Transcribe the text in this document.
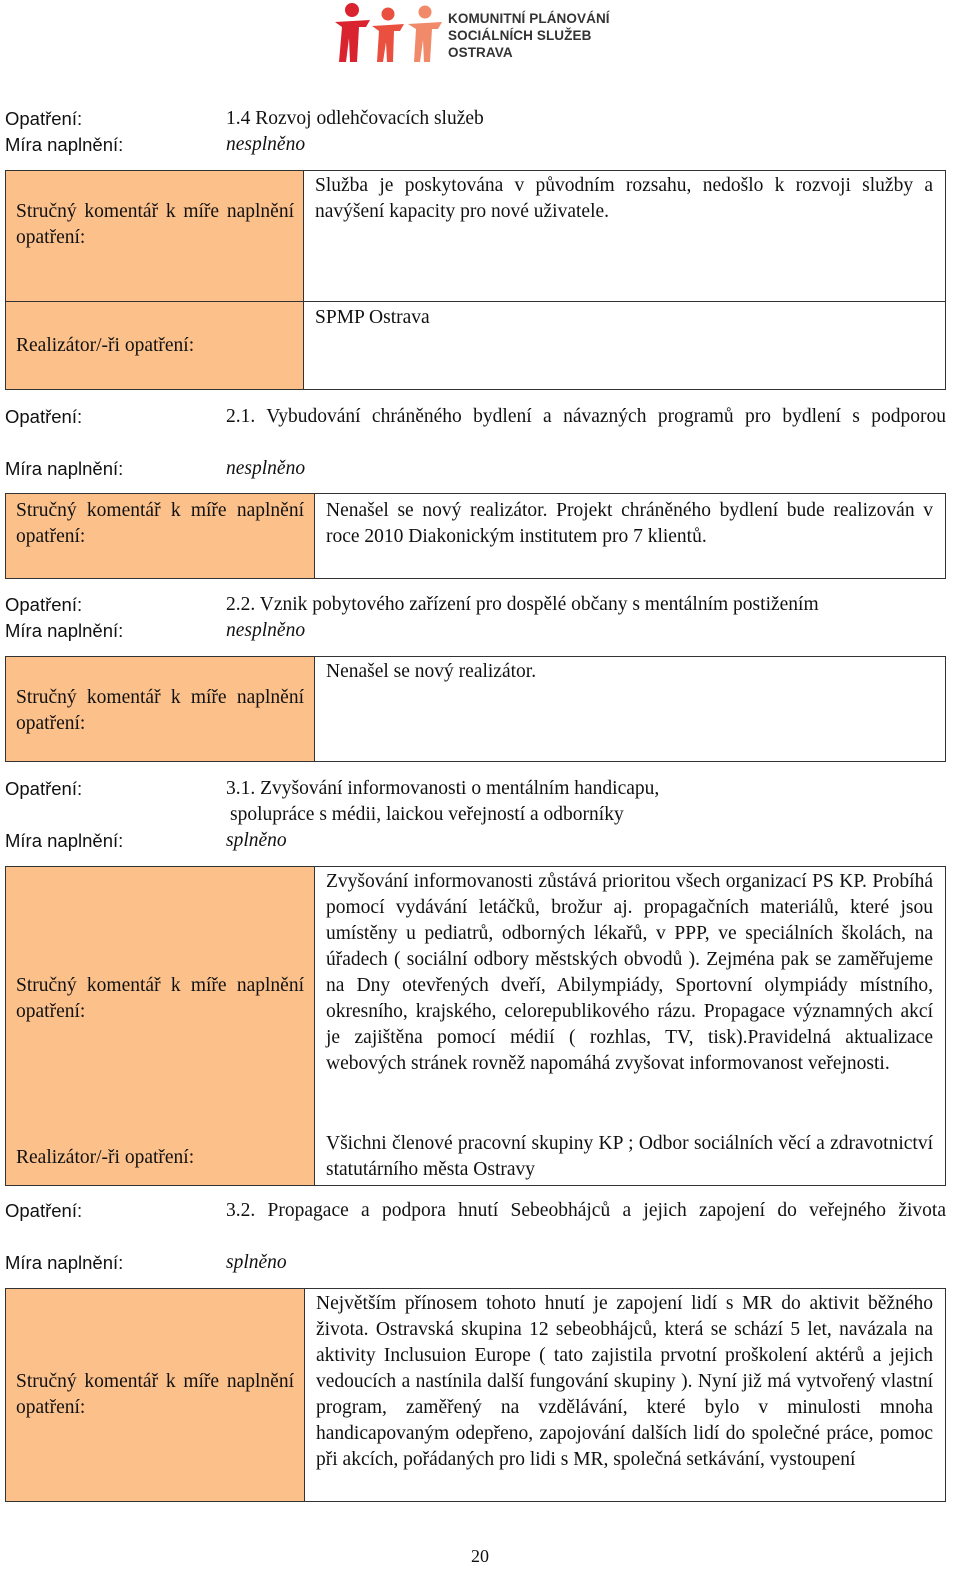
KOMUNITNÍ PLÁNOVÁNÍ
SOCIÁLNÍCH SLUŽEB
OSTRAVA
Opatření:	1.4 Rozvoj odlehčovacích služeb
Míra naplnění:	nesplněno
Stručný komentář k míře naplnění opatření:
Služba je poskytována v původním rozsahu, nedošlo k rozvoji služby a navýšení kapacity pro nové uživatele.
Realizátor/-ři opatření:
SPMP Ostrava
Opatření:	2.1. Vybudování chráněného bydlení a návazných programů pro bydlení s podporou
Míra naplnění:	nesplněno
Stručný komentář k míře naplnění opatření:
Nenašel se nový realizátor. Projekt chráněného bydlení bude realizován v roce 2010 Diakonickým institutem pro 7 klientů.
Opatření:	2.2. Vznik pobytového zařízení pro dospělé občany s mentálním postižením
Míra naplnění:	nesplněno
Stručný komentář k míře naplnění opatření:
Nenašel se nový realizátor.
Opatření:	3.1. Zvyšování informovanosti o mentálním handicapu,
spolupráce s médii, laickou veřejností a odborníky
Míra naplnění:	splněno
Stručný komentář k míře naplnění opatření:
Zvyšování informovanosti zůstává prioritou všech organizací PS KP. Probíhá pomocí vydávání letáčků, brožur aj. propagačních materiálů, které jsou umístěny u pediatrů, odborných lékařů, v PPP, ve speciálních školách, na úřadech ( sociální odbory městských obvodů ). Zejména pak se zaměřujeme na Dny otevřených dveří, Abilympiády, Sportovní olympiády místního, okresního, krajského, celorepublikového rázu. Propagace významných akcí je zajištěna pomocí médií ( rozhlas, TV, tisk).Pravidelná aktualizace webových stránek rovněž napomáhá zvyšovat informovanost veřejnosti.
Realizátor/-ři opatření:
Všichni členové pracovní skupiny KP ; Odbor sociálních věcí a zdravotnictví statutárního města Ostravy
Opatření:	3.2. Propagace a podpora hnutí Sebeobhájců a jejich zapojení do veřejného života
Míra naplnění:	splněno
Stručný komentář k míře naplnění opatření:
Největším přínosem tohoto hnutí je zapojení lidí s MR do aktivit běžného života. Ostravská skupina 12 sebeobhájců, která se schází 5 let, navázala na aktivity Inclusuion Europe ( tato zajistila prvotní proškolení aktérů a jejich vedoucích a nastínila další fungování skupiny ). Nyní již má vytvořený vlastní program, zaměřený na vzdělávání, které bylo v minulosti mnoha handicapovaným odepřeno, zapojování dalších lidí do společné práce, pomoc při akcích, pořádaných pro lidi s MR, společná setkávání, vystoupení
20
